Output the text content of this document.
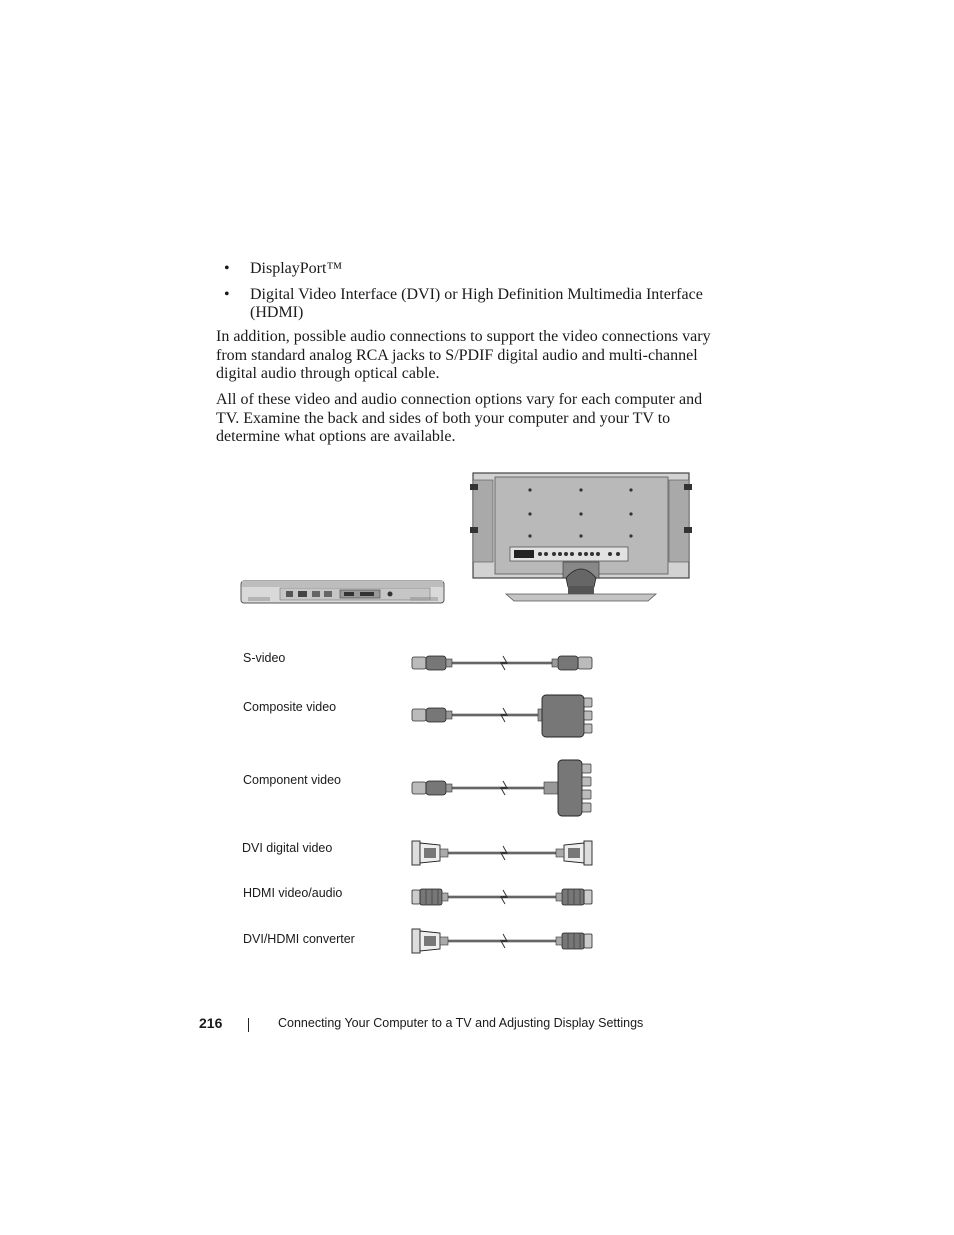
• DisplayPort™
• Digital Video Interface (DVI) or High Definition Multimedia Interface (HDMI)

In addition, possible audio connections to support the video connections vary from standard analog RCA jacks to S/PDIF digital audio and multi-channel digital audio through optical cable.

All of these video and audio connection options vary for each computer and TV. Examine the back and sides of both your computer and your TV to determine what options are available.

S-video
Composite video
Component video
DVI digital video
HDMI video/audio
DVI/HDMI converter
216	Connecting Your Computer to a TV and Adjusting Display Settings
